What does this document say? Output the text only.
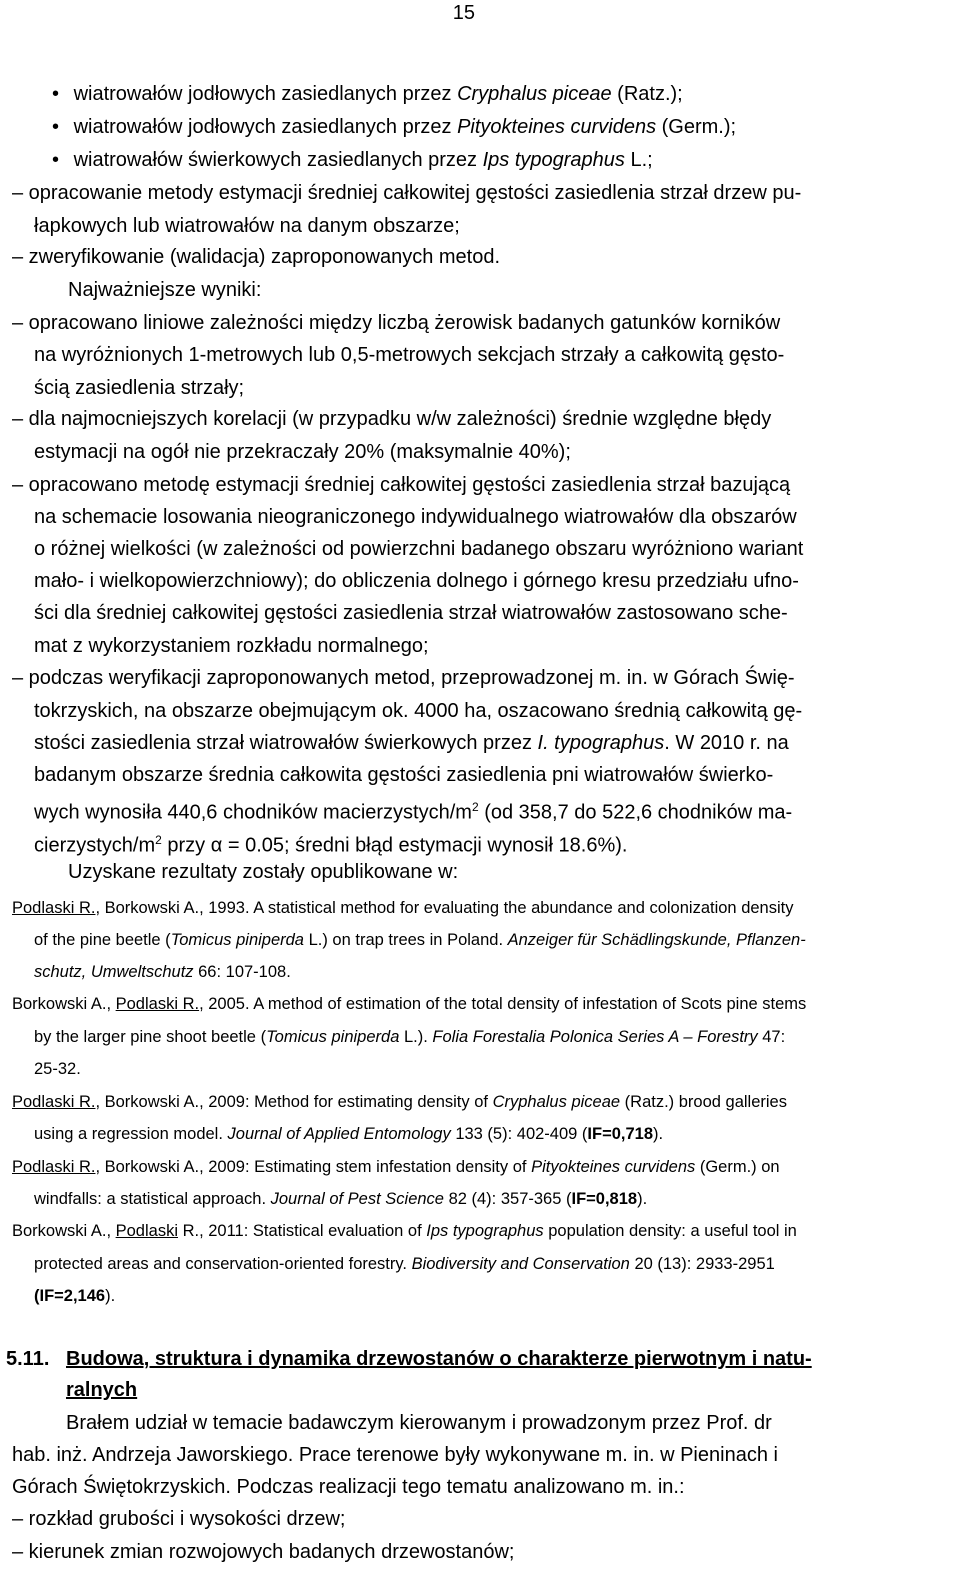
15
• wiatrowałów jodłowych zasiedlanych przez Cryphalus piceae (Ratz.);
• wiatrowałów jodłowych zasiedlanych przez Pityokteines curvidens (Germ.);
• wiatrowałów świerkowych zasiedlanych przez Ips typographus L.;
– opracowanie metody estymacji średniej całkowitej gęstości zasiedlenia strzał drzew pu-
łapkowych lub wiatrowałów na danym obszarze;
– zweryfikowanie (walidacja) zaproponowanych metod.
Najważniejsze wyniki:
– opracowano liniowe zależności między liczbą żerowisk badanych gatunków korników
na wyróżnionych 1-metrowych lub 0,5-metrowych sekcjach strzały a całkowitą gęsto-
ścią zasiedlenia strzały;
– dla najmocniejszych korelacji (w przypadku w/w zależności) średnie względne błędy
estymacji na ogół nie przekraczały 20% (maksymalnie 40%);
– opracowano metodę estymacji średniej całkowitej gęstości zasiedlenia strzał bazującą
na schemacie losowania nieograniczonego indywidualnego wiatrowałów dla obszarów
o różnej wielkości (w zależności od powierzchni badanego obszaru wyróżniono wariant
mało- i wielkopowierzchniowy); do obliczenia dolnego i górnego kresu przedziału ufno-
ści dla średniej całkowitej gęstości zasiedlenia strzał wiatrowałów zastosowano sche-
mat z wykorzystaniem rozkładu normalnego;
– podczas weryfikacji zaproponowanych metod, przeprowadzonej m. in. w Górach Świę-
tokrzyskich, na obszarze obejmującym ok. 4000 ha, oszacowano średnią całkowitą gę-
stości zasiedlenia strzał wiatrowałów świerkowych przez I. typographus. W 2010 r. na
badanym obszarze średnia całkowita gęstości zasiedlenia pni wiatrowałów świerko-
wych wynosiła 440,6 chodników macierzystych/$m^2$ (od 358,7 do 522,6 chodników ma-
cierzystych/$m^2$ przy α = 0.05; średni błąd estymacji wynosił 18.6%).
Uzyskane rezultaty zostały opublikowane w:
Podlaski R., Borkowski A., 1993. A statistical method for evaluating the abundance and colonization density
of the pine beetle (Tomicus piniperda L.) on trap trees in Poland. Anzeiger für Schädlingskunde, Pflanzen-
schutz, Umweltschutz 66: 107-108.
Borkowski A., Podlaski R., 2005. A method of estimation of the total density of infestation of Scots pine stems
by the larger pine shoot beetle (Tomicus piniperda L.). Folia Forestalia Polonica Series A – Forestry 47:
25-32.
Podlaski R., Borkowski A., 2009: Method for estimating density of Cryphalus piceae (Ratz.) brood galleries
using a regression model. Journal of Applied Entomology 133 (5): 402-409 (IF=0,718).
Podlaski R., Borkowski A., 2009: Estimating stem infestation density of Pityokteines curvidens (Germ.) on
windfalls: a statistical approach. Journal of Pest Science 82 (4): 357-365 (IF=0,818).
Borkowski A., Podlaski R., 2011: Statistical evaluation of Ips typographus population density: a useful tool in
protected areas and conservation-oriented forestry. Biodiversity and Conservation 20 (13): 2933-2951
(IF=2,146).
5.11. Budowa, struktura i dynamika drzewostanów o charakterze pierwotnym i natu-
ralnych
Brałem udział w temacie badawczym kierowanym i prowadzonym przez Prof. dr
hab. inż. Andrzeja Jaworskiego. Prace terenowe były wykonywane m. in. w Pieninach i
Górach Świętokrzyskich. Podczas realizacji tego tematu analizowano m. in.:
– rozkład grubości i wysokości drzew;
– kierunek zmian rozwojowych badanych drzewostanów;
